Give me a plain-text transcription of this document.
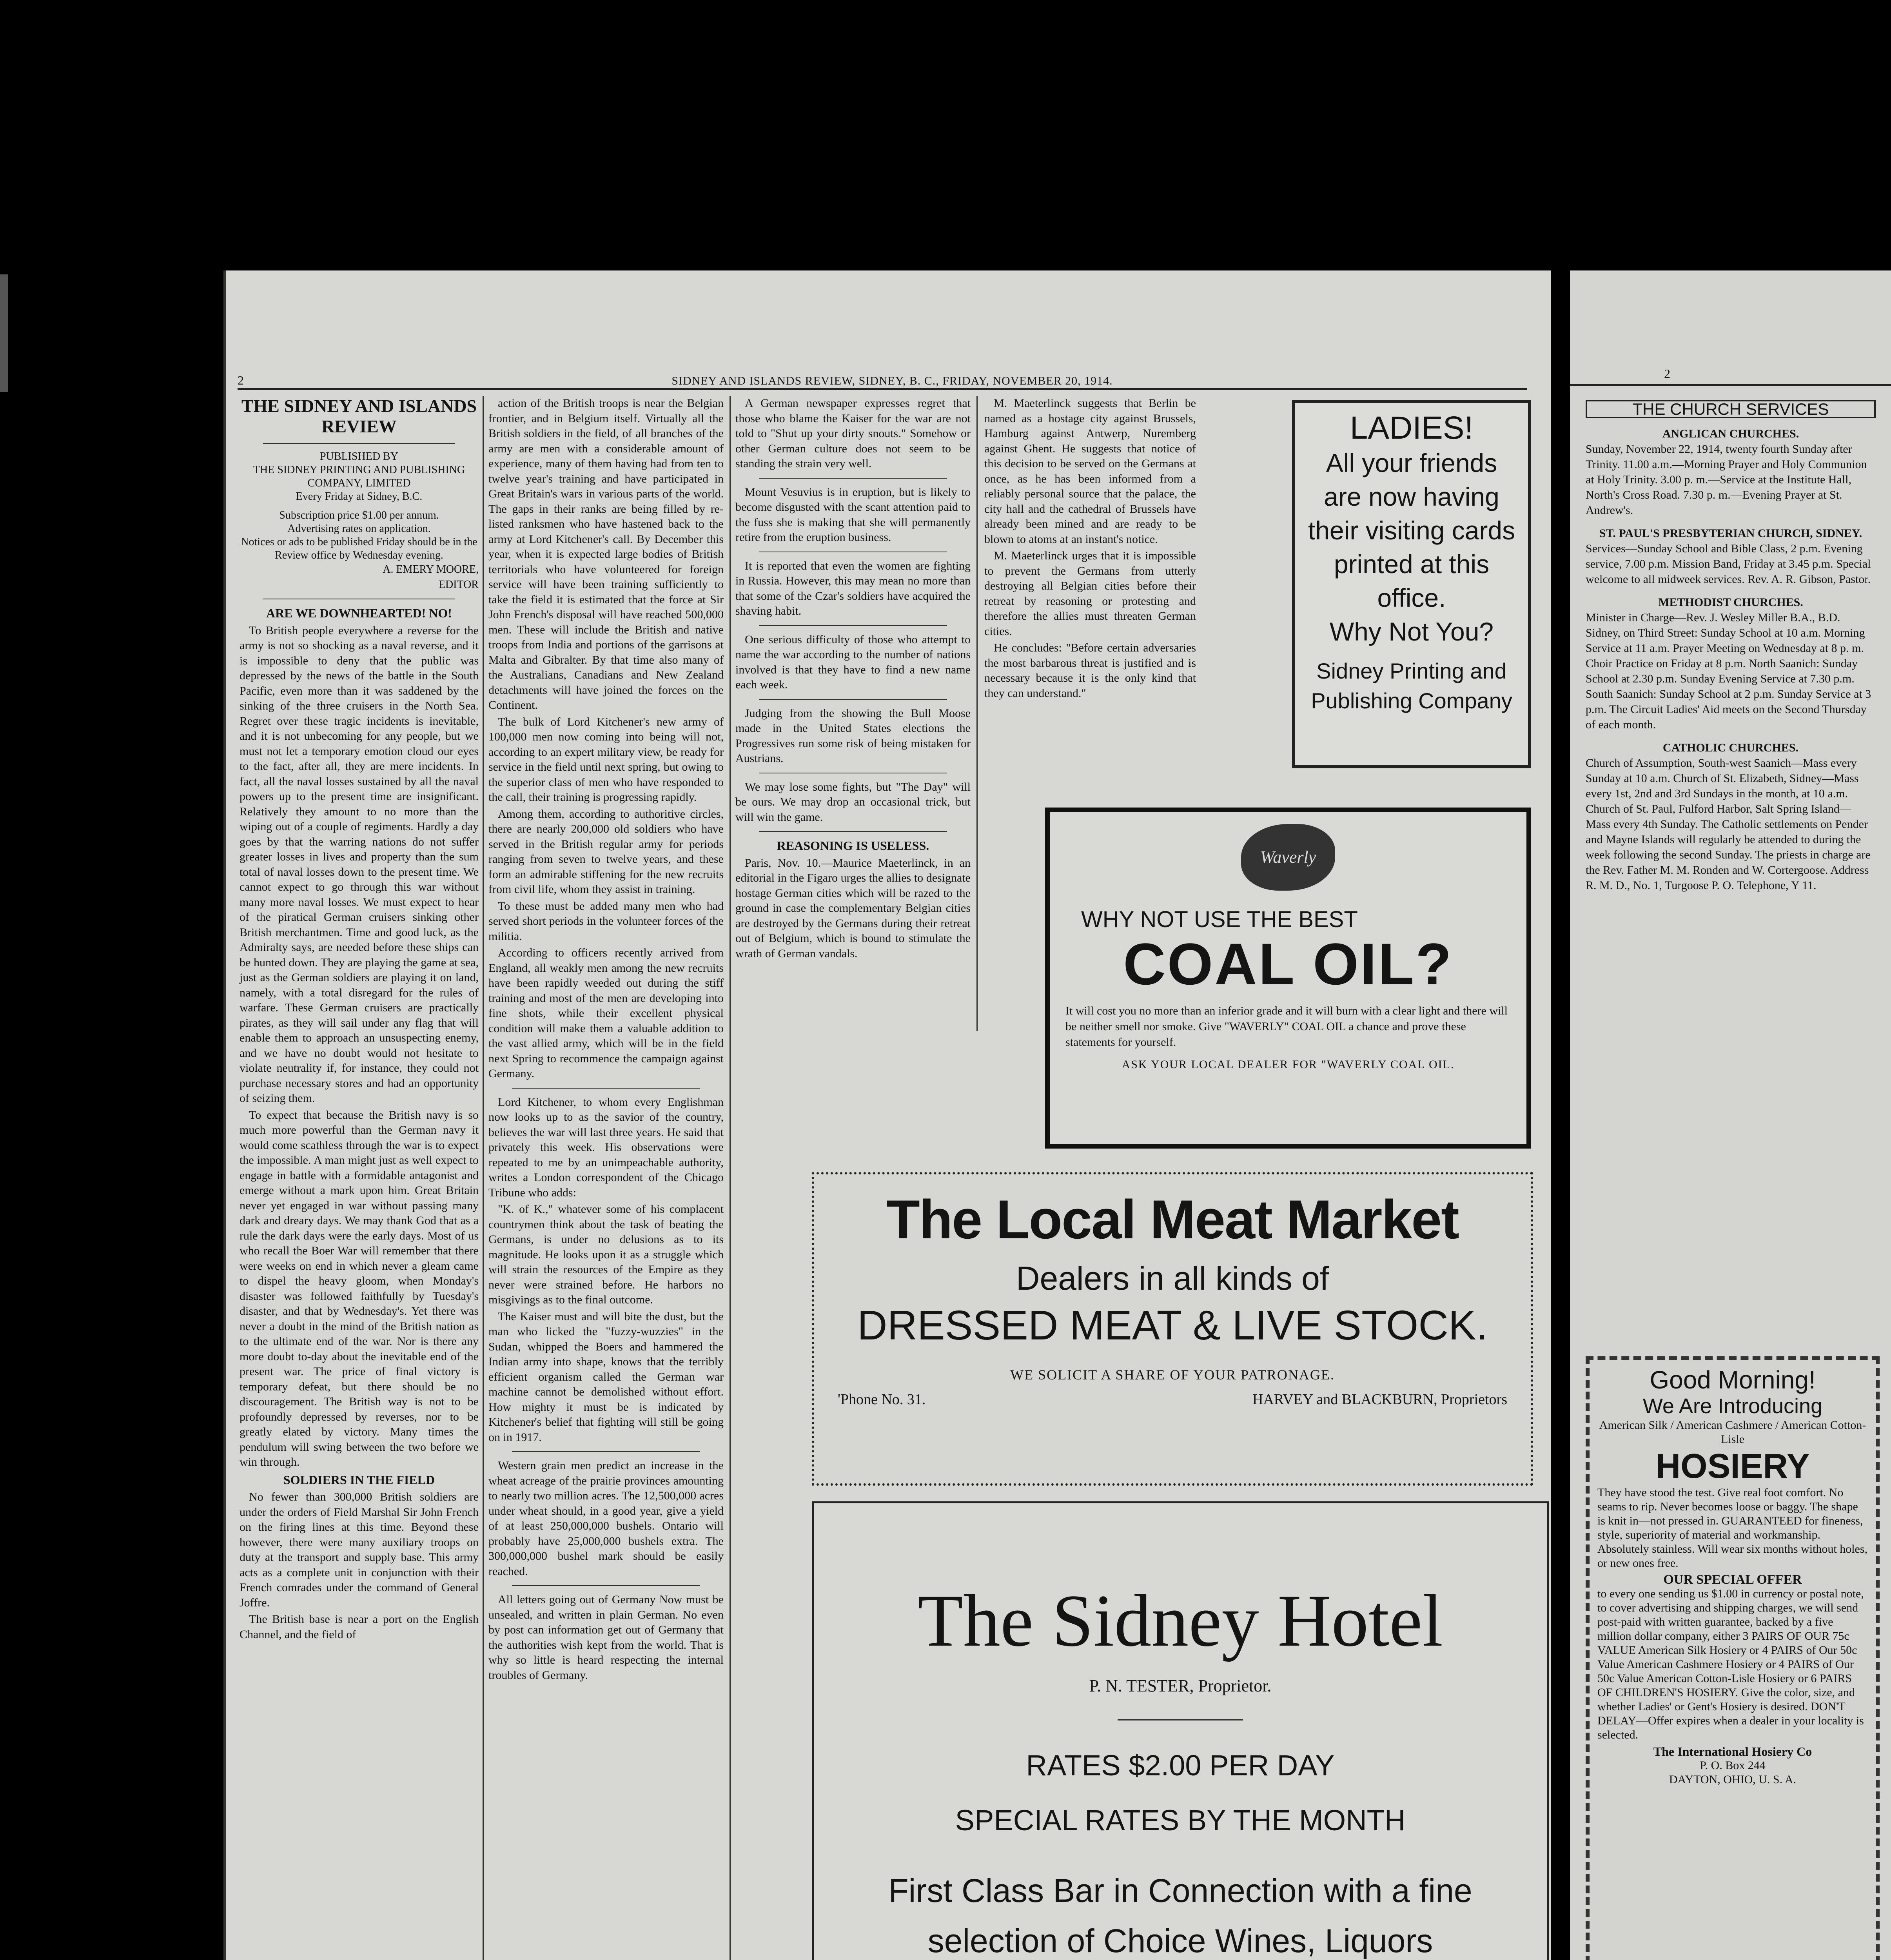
2	SIDNEY AND ISLANDS REVIEW, SIDNEY, B. C., FRIDAY, NOVEMBER 20, 1914.
THE SIDNEY AND ISLANDS REVIEW
PUBLISHED BY
THE SIDNEY PRINTING AND PUBLISHING COMPANY, LIMITED
Every Friday at Sidney, B.C.
Subscription price $1.00 per annum.
Advertising rates on application.
Notices or ads to be published Friday should be in the Review office by Wednesday evening.
A. EMERY MOORE,
EDITOR
ARE WE DOWNHEARTED! NO!

To British people everywhere a reverse for the army is not so shocking as a naval reverse, and it is impossible to deny that the public was depressed by the news of the battle in the South Pacific, even more than it was saddened by the sinking of the three cruisers in the North Sea. Regret over these tragic incidents is inevitable, and it is not unbecoming for any people, but we must not let a temporary emotion cloud our eyes to the fact, after all, they are mere incidents. In fact, all the naval losses sustained by all the naval powers up to the present time are insignificant. Relatively they amount to no more than the wiping out of a couple of regiments. Hardly a day goes by that the warring nations do not suffer greater losses in lives and property than the sum total of naval losses down to the present time. We cannot expect to go through this war without many more naval losses. We must expect to hear of the piratical German cruisers sinking other British merchantmen. Time and good luck, as the Admiralty says, are needed before these ships can be hunted down. They are playing the game at sea, just as the German soldiers are playing it on land, namely, with a total disregard for the rules of warfare. These German cruisers are practically pirates, as they will sail under any flag that will enable them to approach an unsuspecting enemy, and we have no doubt would not hesitate to violate neutrality if, for instance, they could not purchase necessary stores and had an opportunity of seizing them.

To expect that because the British navy is so much more powerful than the German navy it would come scathless through the war is to expect the impossible. A man might just as well expect to engage in battle with a formidable antagonist and emerge without a mark upon him. Great Britain never yet engaged in war without passing many dark and dreary days. We may thank God that as a rule the dark days were the early days. Most of us who recall the Boer War will remember that there were weeks on end in which never a gleam came to dispel the heavy gloom, when Monday's disaster was followed faithfully by Tuesday's disaster, and that by Wednesday's. Yet there was never a doubt in the mind of the British nation as to the ultimate end of the war. Nor is there any more doubt to-day about the inevitable end of the present war. The price of final victory is temporary defeat, but there should be no discouragement. The British way is not to be profoundly depressed by reverses, nor to be greatly elated by victory. Many times the pendulum will swing between the two before we win through.

SOLDIERS IN THE FIELD

No fewer than 300,000 British soldiers are under the orders of Field Marshal Sir John French on the firing lines at this time. Beyond these however, there were many auxiliary troops on duty at the transport and supply base. This army acts as a complete unit in conjunction with their French comrades under the command of General Joffre.

The British base is near a port on the English Channel, and the field of

action of the British troops is near the Belgian frontier, and in Belgium itself. Virtually all the British soldiers in the field, of all branches of the army are men with a considerable amount of experience, many of them having had from ten to twelve year's training and have participated in Great Britain's wars in various parts of the world. The gaps in their ranks are being filled by re-listed ranksmen who have hastened back to the army at Lord Kitchener's call. By December this year, when it is expected large bodies of British territorials who have volunteered for foreign service will have been training sufficiently to take the field it is estimated that the force at Sir John French's disposal will have reached 500,000 men. These will include the British and native troops from India and portions of the garrisons at Malta and Gibralter. By that time also many of the Australians, Canadians and New Zealand detachments will have joined the forces on the Continent.

The bulk of Lord Kitchener's new army of 100,000 men now coming into being will not, according to an expert military view, be ready for service in the field until next spring, but owing to the superior class of men who have responded to the call, their training is progressing rapidly.

Among them, according to authoritive circles, there are nearly 200,000 old soldiers who have served in the British regular army for periods ranging from seven to twelve years, and these form an admirable stiffening for the new recruits from civil life, whom they assist in training.

To these must be added many men who had served short periods in the volunteer forces of the militia.

According to officers recently arrived from England, all weakly men among the new recruits have been rapidly weeded out during the stiff training and most of the men are developing into fine shots, while their excellent physical condition will make them a valuable addition to the vast allied army, which will be in the field next Spring to recommence the campaign against Germany.

Lord Kitchener, to whom every Englishman now looks up to as the savior of the country, believes the war will last three years. He said that privately this week. His observations were repeated to me by an unimpeachable authority, writes a London correspondent of the Chicago Tribune who adds:

"K. of K.," whatever some of his complacent countrymen think about the task of beating the Germans, is under no delusions as to its magnitude. He looks upon it as a struggle which will strain the resources of the Empire as they never were strained before. He harbors no misgivings as to the final outcome.

The Kaiser must and will bite the dust, but the man who licked the "fuzzy-wuzzies" in the Sudan, whipped the Boers and hammered the Indian army into shape, knows that the terribly efficient organism called the German war machine cannot be demolished without effort. How mighty it must be is indicated by Kitchener's belief that fighting will still be going on in 1917.

Western grain men predict an increase in the wheat acreage of the prairie provinces amounting to nearly two million acres. The 12,500,000 acres under wheat should, in a good year, give a yield of at least 250,000,000 bushels. Ontario will probably have 25,000,000 bushels extra. The 300,000,000 bushel mark should be easily reached.

All letters going out of Germany Now must be unsealed, and written in plain German. No even by post can information get out of Germany that the authorities wish kept from the world. That is why so little is heard respecting the internal troubles of Germany.

A German newspaper expresses regret that those who blame the Kaiser for the war are not told to "Shut up your dirty snouts." Somehow or other German culture does not seem to be standing the strain very well.

Mount Vesuvius is in eruption, but is likely to become disgusted with the scant attention paid to the fuss she is making that she will permanently retire from the eruption business.

It is reported that even the women are fighting in Russia. However, this may mean no more than that some of the Czar's soldiers have acquired the shaving habit.

One serious difficulty of those who attempt to name the war according to the number of nations involved is that they have to find a new name each week.

Judging from the showing the Bull Moose made in the United States elections the Progressives run some risk of being mistaken for Austrians.

We may lose some fights, but "The Day" will be ours. We may drop an occasional trick, but will win the game.

REASONING IS USELESS.

Paris, Nov. 10.—Maurice Maeterlinck, in an editorial in the Figaro urges the allies to designate hostage German cities which will be razed to the ground in case the complementary Belgian cities are destroyed by the Germans during their retreat out of Belgium, which is bound to stimulate the wrath of German vandals.

M. Maeterlinck suggests that Berlin be named as a hostage city against Brussels, Hamburg against Antwerp, Nuremberg against Ghent. He suggests that notice of this decision to be served on the Germans at once, as he has been informed from a reliably personal source that the palace, the city hall and the cathedral of Brussels have already been mined and are ready to be blown to atoms at an instant's notice.

M. Maeterlinck urges that it is impossible to prevent the Germans from utterly destroying all Belgian cities before their retreat by reasoning or protesting and therefore the allies must threaten German cities.

He concludes: "Before certain adversaries the most barbarous threat is justified and is necessary because it is the only kind that they can understand."

LADIES!
All your friends
are now having
their visiting cards
printed at this
office.
Why Not You?
Sidney Printing and
Publishing Company
Waverly
WHY NOT USE THE BEST
COAL OIL?
It will cost you no more than an inferior grade and it will burn with a clear light and there will be neither smell nor smoke. Give "WAVERLY" COAL OIL a chance and prove these statements for yourself.
ASK YOUR LOCAL DEALER FOR "WAVERLY COAL OIL.
The Local Meat Market
Dealers in all kinds of
DRESSED MEAT & LIVE STOCK.
WE SOLICIT A SHARE OF YOUR PATRONAGE.
'Phone No. 31.	HARVEY and BLACKBURN, Proprietors
The Sidney Hotel
P. N. TESTER, Proprietor.
RATES $2.00 PER DAY
SPECIAL RATES BY THE MONTH
First Class Bar in Connection with a fine
selection of Choice Wines, Liquors
2
THE CHURCH SERVICES
ANGLICAN CHURCHES.

Sunday, November 22, 1914, twenty fourth Sunday after Trinity. 11.00 a.m.—Morning Prayer and Holy Communion at Holy Trinity. 3.00 p. m.—Service at the Institute Hall, North's Cross Road. 7.30 p. m.—Evening Prayer at St. Andrew's.

ST. PAUL'S PRESBYTERIAN CHURCH, SIDNEY.

Services—Sunday School and Bible Class, 2 p.m. Evening service, 7.00 p.m. Mission Band, Friday at 3.45 p.m. Special welcome to all midweek services. Rev. A. R. Gibson, Pastor.

METHODIST CHURCHES.

Minister in Charge—Rev. J. Wesley Miller B.A., B.D. Sidney, on Third Street: Sunday School at 10 a.m. Morning Service at 11 a.m. Prayer Meeting on Wednesday at 8 p. m. Choir Practice on Friday at 8 p.m. North Saanich: Sunday School at 2.30 p.m. Sunday Evening Service at 7.30 p.m. South Saanich: Sunday School at 2 p.m. Sunday Service at 3 p.m. The Circuit Ladies' Aid meets on the Second Thursday of each month.

CATHOLIC CHURCHES.

Church of Assumption, South-west Saanich—Mass every Sunday at 10 a.m. Church of St. Elizabeth, Sidney—Mass every 1st, 2nd and 3rd Sundays in the month, at 10 a.m. Church of St. Paul, Fulford Harbor, Salt Spring Island—Mass every 4th Sunday. The Catholic settlements on Pender and Mayne Islands will regularly be attended to during the week following the second Sunday. The priests in charge are the Rev. Father M. M. Ronden and W. Cortergoose. Address R. M. D., No. 1, Turgoose P. O. Telephone, Y 11.

Good Morning!
We Are Introducing
American Silk / American Cashmere / American Cotton-Lisle
HOSIERY
They have stood the test. Give real foot comfort. No seams to rip. Never becomes loose or baggy. The shape is knit in—not pressed in. GUARANTEED for fineness, style, superiority of material and workmanship. Absolutely stainless. Will wear six months without holes, or new ones free.
OUR SPECIAL OFFER
to every one sending us $1.00 in currency or postal note, to cover advertising and shipping charges, we will send post-paid with written guarantee, backed by a five million dollar company, either 3 PAIRS OF OUR 75c VALUE American Silk Hosiery or 4 PAIRS of Our 50c Value American Cashmere Hosiery or 4 PAIRS of Our 50c Value American Cotton-Lisle Hosiery or 6 PAIRS OF CHILDREN'S HOSIERY. Give the color, size, and whether Ladies' or Gent's Hosiery is desired. DON'T DELAY—Offer expires when a dealer in your locality is selected.
The International Hosiery Co
P. O. Box 244
DAYTON, OHIO, U. S. A.
